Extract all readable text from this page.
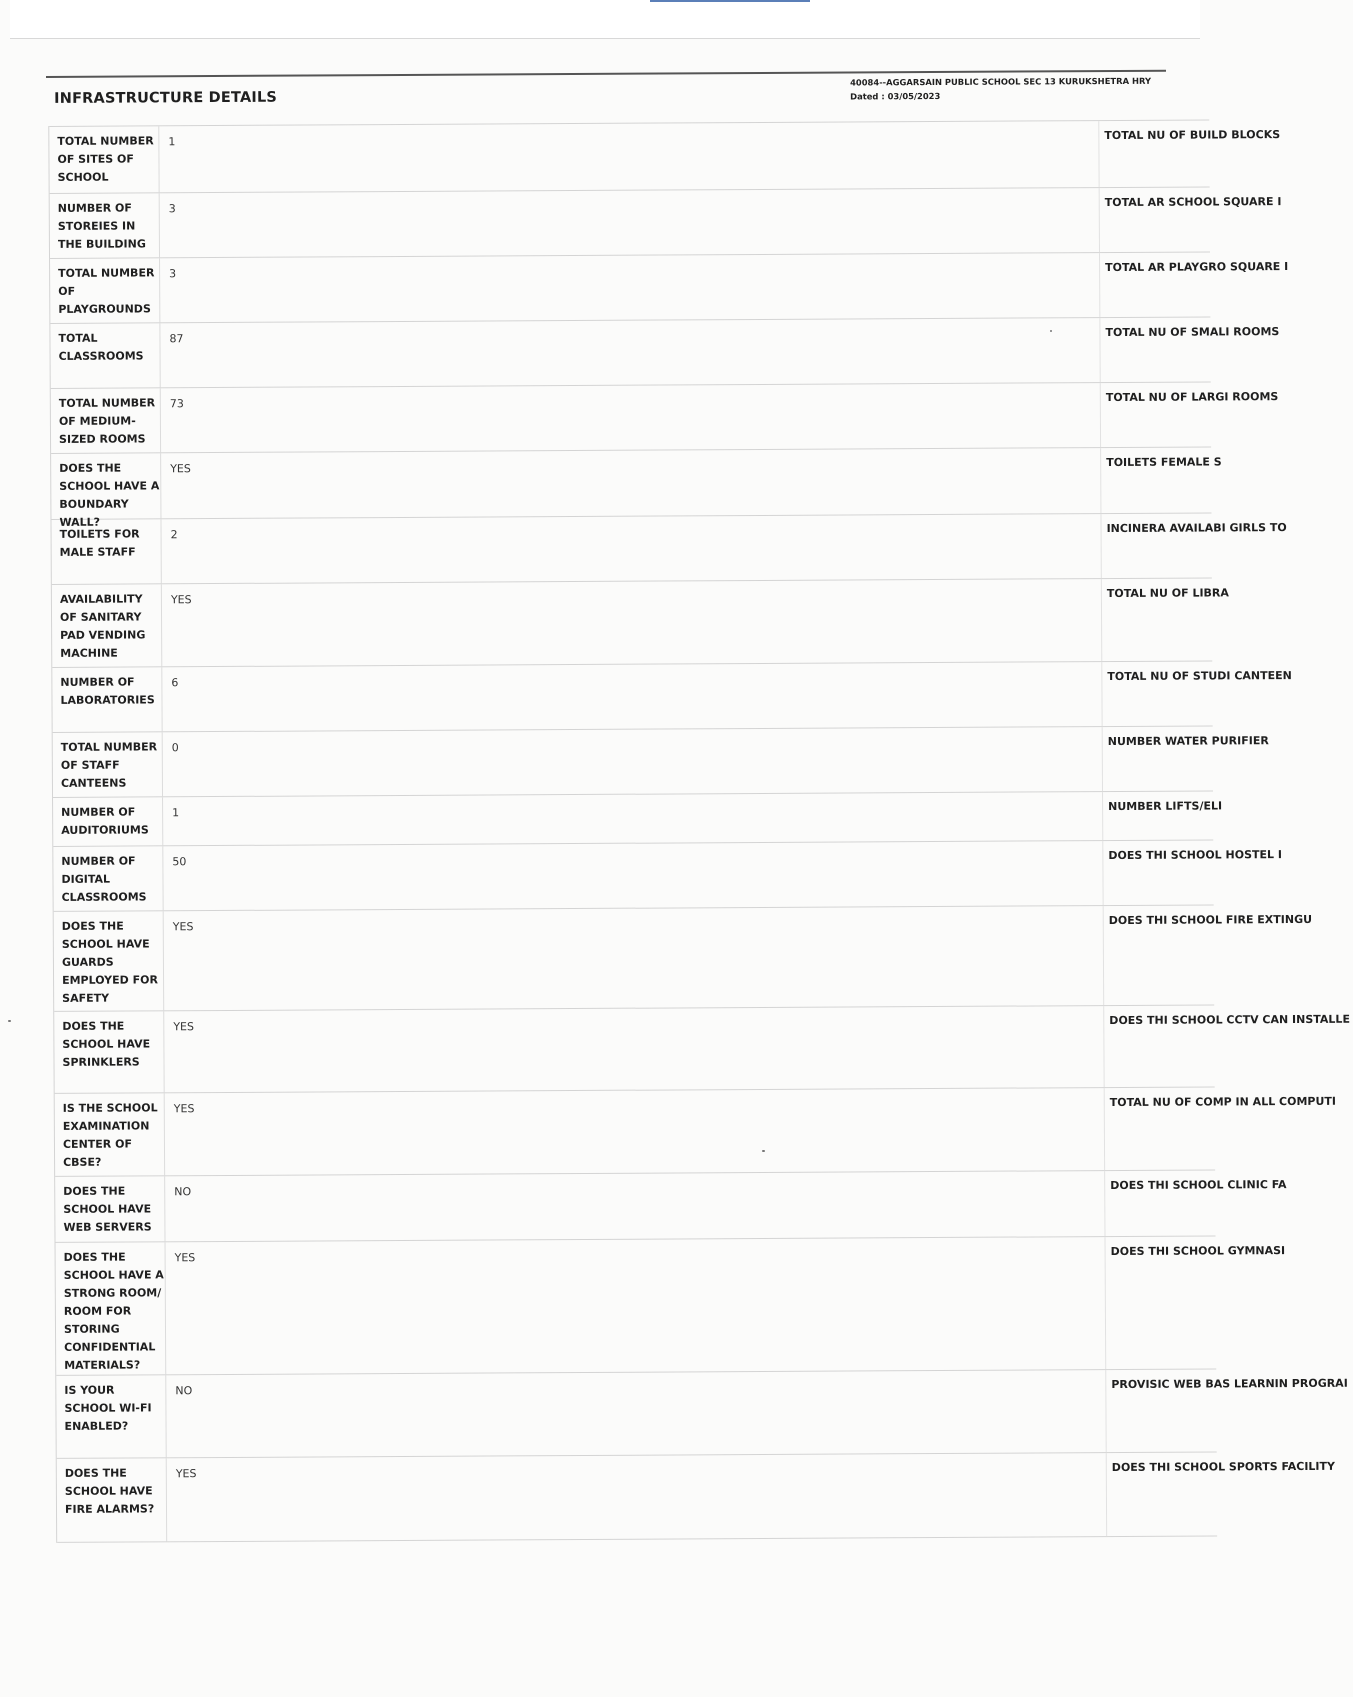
INFRASTRUCTURE DETAILS
40084--AGGARSAIN PUBLIC SCHOOL SEC 13 KURUKSHETRA HRY
Dated : 03/05/2023
TOTAL NUMBER OF SITES OF SCHOOL
1	TOTAL NU OF BUILD BLOCKS
NUMBER OF STOREIES IN THE BUILDING
3	TOTAL AR SCHOOL SQUARE I
TOTAL NUMBER OF PLAYGROUNDS
3	TOTAL AR PLAYGRO SQUARE I
TOTAL CLASSROOMS
87	TOTAL NU OF SMALI ROOMS
TOTAL NUMBER OF MEDIUM-SIZED ROOMS
73	TOTAL NU OF LARGI ROOMS
DOES THE SCHOOL HAVE A BOUNDARY WALL?
YES	TOILETS FEMALE S
TOILETS FOR MALE STAFF
2	INCINERA AVAILABI GIRLS TO
AVAILABILITY OF SANITARY PAD VENDING MACHINE
YES	TOTAL NU OF LIBRA
NUMBER OF LABORATORIES
6	TOTAL NU OF STUDI CANTEEN
TOTAL NUMBER OF STAFF CANTEENS
0	NUMBER WATER PURIFIER
NUMBER OF AUDITORIUMS
1	NUMBER LIFTS/ELI
NUMBER OF DIGITAL CLASSROOMS
50	DOES THI SCHOOL HOSTEL I
DOES THE SCHOOL HAVE GUARDS EMPLOYED FOR SAFETY
YES	DOES THI SCHOOL FIRE EXTINGU
DOES THE SCHOOL HAVE SPRINKLERS
YES	DOES THI SCHOOL CCTV CAN INSTALLE
IS THE SCHOOL EXAMINATION CENTER OF CBSE?
YES	TOTAL NU OF COMP IN ALL COMPUTI
DOES THE SCHOOL HAVE WEB SERVERS
NO	DOES THI SCHOOL CLINIC FA
DOES THE SCHOOL HAVE A STRONG ROOM/ ROOM FOR STORING CONFIDENTIAL MATERIALS?
YES	DOES THI SCHOOL GYMNASI
IS YOUR SCHOOL WI-FI ENABLED?
NO	PROVISIC WEB BAS LEARNIN PROGRAI
DOES THE SCHOOL HAVE FIRE ALARMS?
YES	DOES THI SCHOOL SPORTS FACILITY
